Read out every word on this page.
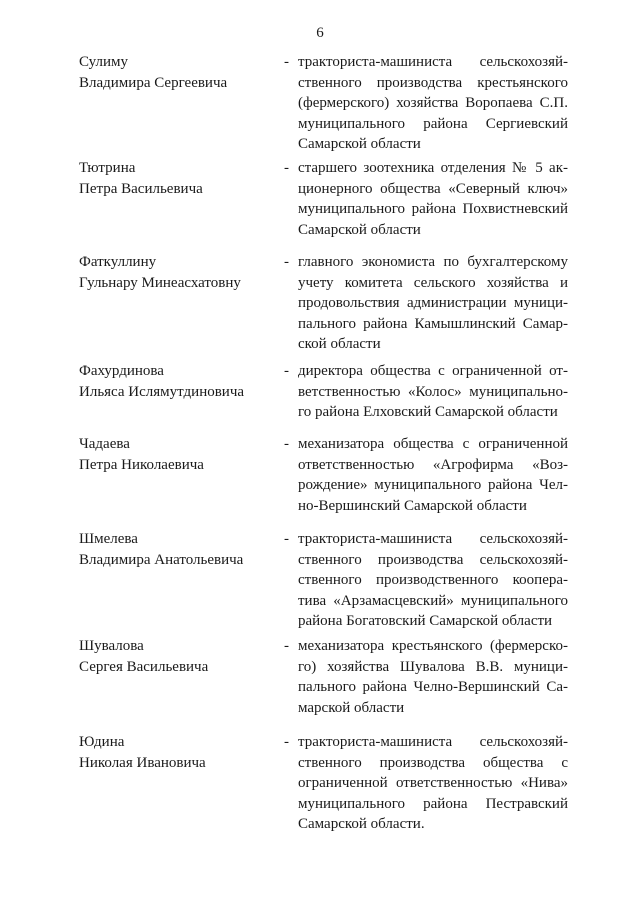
6
Сулиму
Владимира Сергеевича
- тракториста-машиниста сельскохозяй-
ственного производства крестьянского
(фермерского) хозяйства Воропаева С.П.
муниципального района Сергиевский
Самарской области
Тютрина
Петра Васильевича
- старшего зоотехника отделения № 5 ак-
ционерного общества «Северный ключ»
муниципального района Похвистневский
Самарской области
Фаткуллину
Гульнару Минеасхатовну
- главного экономиста по бухгалтерскому
учету комитета сельского хозяйства и
продовольствия администрации муници-
пального района Камышлинский Самар-
ской области
Фахурдинова
Ильяса Ислямутдиновича
- директора общества с ограниченной от-
ветственностью «Колос» муниципально-
го района Елховский Самарской области
Чадаева
Петра Николаевича
- механизатора общества с ограниченной
ответственностью «Агрофирма «Воз-
рождение» муниципального района Чел-
но-Вершинский Самарской области
Шмелева
Владимира Анатольевича
- тракториста-машиниста сельскохозяй-
ственного производства сельскохозяй-
ственного производственного коопера-
тива «Арзамасцевский» муниципального
района Богатовский Самарской области
Шувалова
Сергея Васильевича
- механизатора крестьянского (фермерско-
го) хозяйства Шувалова В.В. муници-
пального района Челно-Вершинский Са-
марской области
Юдина
Николая Ивановича
- тракториста-машиниста сельскохозяй-
ственного производства общества с
ограниченной ответственностью «Нива»
муниципального района Пестравский
Самарской области.
